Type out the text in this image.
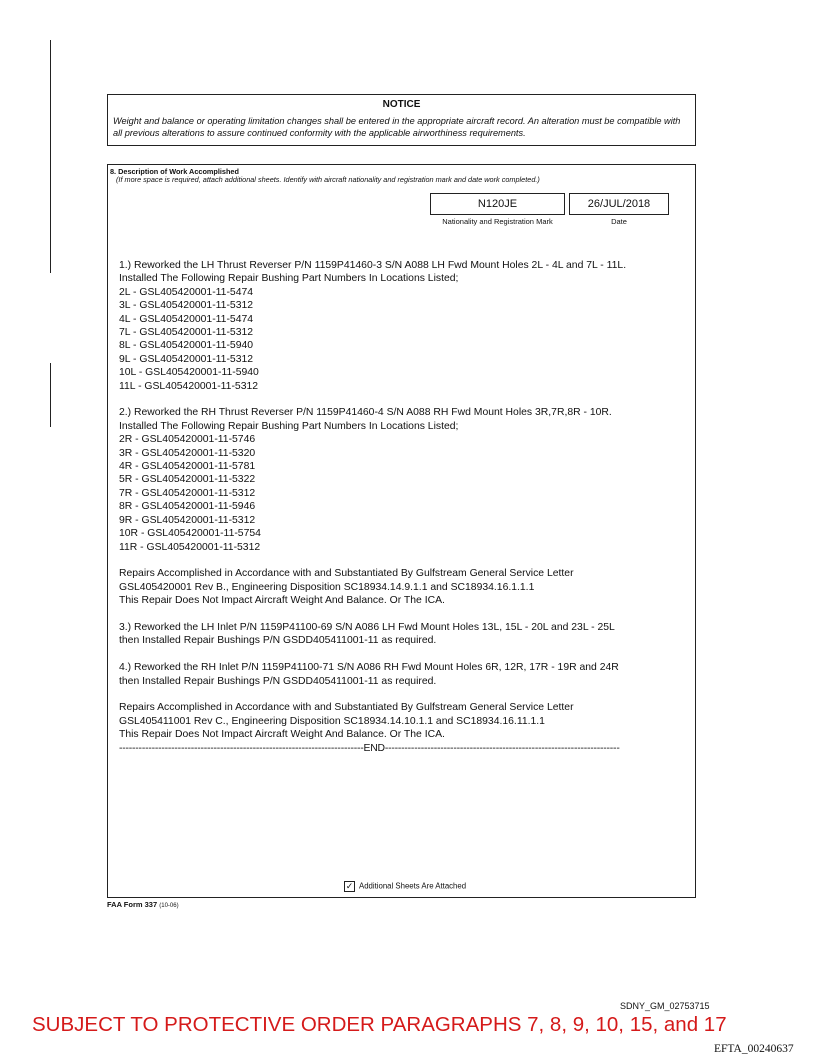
NOTICE
Weight and balance or operating limitation changes shall be entered in the appropriate aircraft record. An alteration must be compatible with all previous alterations to assure continued conformity with the applicable airworthiness requirements.
8. Description of Work Accomplished
(If more space is required, attach additional sheets. Identify with aircraft nationality and registration mark and date work completed.)
N120JE
Nationality and Registration Mark
26/JUL/2018
Date
1.) Reworked the LH Thrust Reverser P/N 1159P41460-3 S/N A088 LH Fwd Mount Holes 2L - 4L and 7L - 11L.
Installed The Following Repair Bushing Part Numbers In Locations Listed;
2L - GSL405420001-11-5474
3L - GSL405420001-11-5312
4L - GSL405420001-11-5474
7L - GSL405420001-11-5312
8L - GSL405420001-11-5940
9L - GSL405420001-11-5312
10L - GSL405420001-11-5940
11L - GSL405420001-11-5312
2.) Reworked the RH Thrust Reverser P/N 1159P41460-4 S/N A088 RH Fwd Mount Holes 3R,7R,8R - 10R.
Installed The Following Repair Bushing Part Numbers In Locations Listed;
2R - GSL405420001-11-5746
3R - GSL405420001-11-5320
4R - GSL405420001-11-5781
5R - GSL405420001-11-5322
7R - GSL405420001-11-5312
8R - GSL405420001-11-5946
9R - GSL405420001-11-5312
10R - GSL405420001-11-5754
11R - GSL405420001-11-5312
Repairs Accomplished in Accordance with and Substantiated By Gulfstream General Service Letter
GSL405420001 Rev B., Engineering Disposition SC18934.14.9.1.1 and SC18934.16.1.1.1
This Repair Does Not Impact Aircraft Weight And Balance. Or The ICA.
3.) Reworked the LH Inlet P/N 1159P41100-69 S/N A086 LH Fwd Mount Holes 13L, 15L - 20L and 23L - 25L
then Installed Repair Bushings P/N GSDD405411001-11 as required.
4.) Reworked the RH Inlet P/N 1159P41100-71 S/N A086 RH Fwd Mount Holes 6R, 12R, 17R - 19R and 24R
then Installed Repair Bushings P/N GSDD405411001-11 as required.
Repairs Accomplished in Accordance with and Substantiated By Gulfstream General Service Letter
GSL405411001 Rev C., Engineering Disposition SC18934.14.10.1.1 and SC18934.16.11.1.1
This Repair Does Not Impact Aircraft Weight And Balance. Or The ICA.
---------------------------------------------------------------------------END------------------------------------------------------------------------
✓ Additional Sheets Are Attached
FAA Form 337 (10-06)
SDNY_GM_02753715
SUBJECT TO PROTECTIVE ORDER PARAGRAPHS 7, 8, 9, 10, 15, and 17
EFTA_00240637
